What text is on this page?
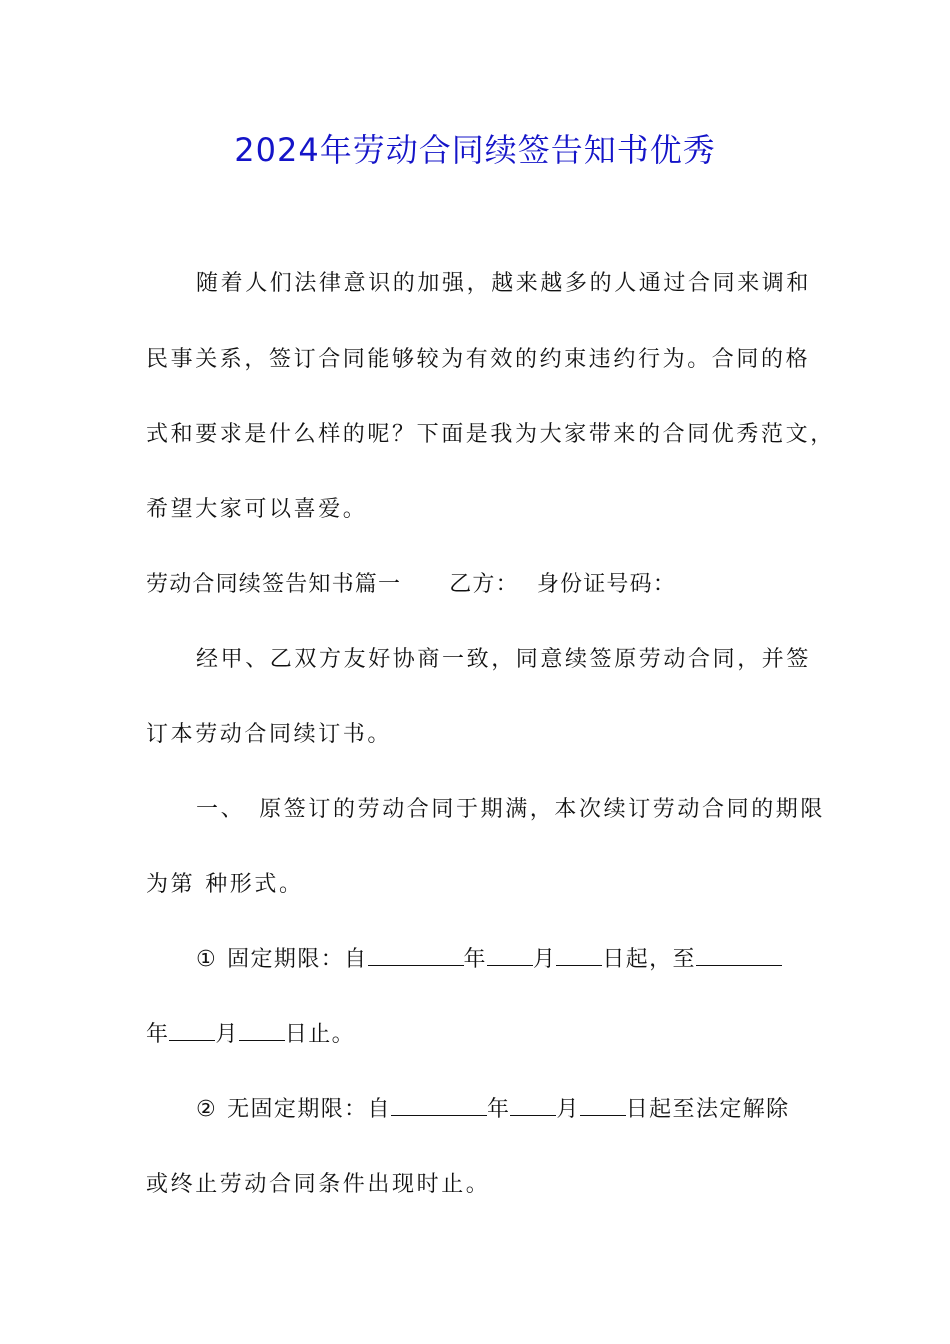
2024年劳动合同续签告知书优秀
随着人们法律意识的加强，越来越多的人通过合同来调和
民事关系，签订合同能够较为有效的约束违约行为。合同的格
式和要求是什么样的呢？下面是我为大家带来的合同优秀范文，
希望大家可以喜爱。
劳动合同续签告知书篇一 乙方： 身份证号码：
经甲、乙双方友好协商一致，同意续签原劳动合同，并签
订本劳动合同续订书。
一、 原签订的劳动合同于期满，本次续订劳动合同的期限
为第 种形式。
① 固定期限：自	年 月 日起，至
年 月 日止。
② 无固定期限：自	年 月 日起至法定解除
或终止劳动合同条件出现时止。
